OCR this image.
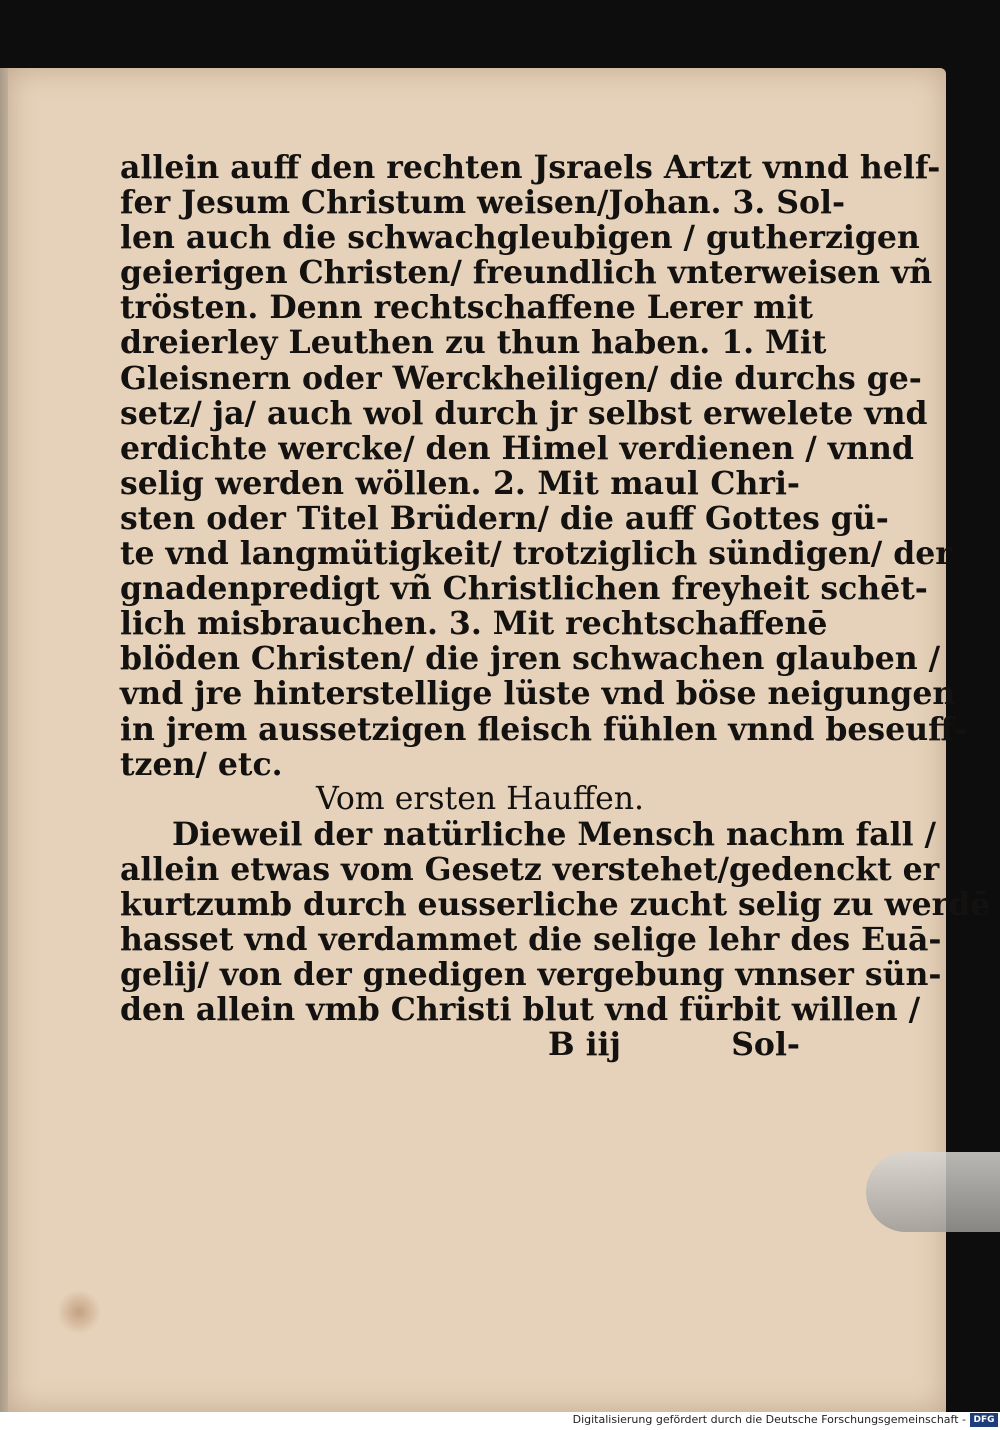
allein auff den rechten Jsraels Artzt vnnd helf-
fer Jesum Christum weisen/Johan. 3. Sol-
len auch die schwachgleubigen / gutherzigen
geierigen Christen/ freundlich vnterweisen vñ
trösten. Denn rechtschaffene Lerer mit
dreierley Leuthen zu thun haben. 1. Mit
Gleisnern oder Werckheiligen/ die durchs ge-
setz/ ja/ auch wol durch jr selbst erwelete vnd
erdichte wercke/ den Himel verdienen / vnnd
selig werden wöllen. 2. Mit maul Chri-
sten oder Titel Brüdern/ die auff Gottes gü-
te vnd langmütigkeit/ trotziglich sündigen/ der
gnadenpredigt vñ Christlichen freyheit schēt-
lich misbrauchen. 3. Mit rechtschaffenē
blöden Christen/ die jren schwachen glauben /
vnd jre hinterstellige lüste vnd böse neigungen
in jrem aussetzigen fleisch fühlen vnnd beseuff-
tzen/ etc.
Vom ersten Hauffen.
Dieweil der natürliche Mensch nachm fall /
allein etwas vom Gesetz verstehet/gedenckt er
kurtzumb durch eusserliche zucht selig zu werdē
hasset vnd verdammet die selige lehr des Euā-
gelij/ von der gnedigen vergebung vnnser sün-
den allein vmb Christi blut vnd fürbit willen /
B iij	Sol-
Digitalisierung gefördert durch die Deutsche Forschungsgemeinschaft - DFG
